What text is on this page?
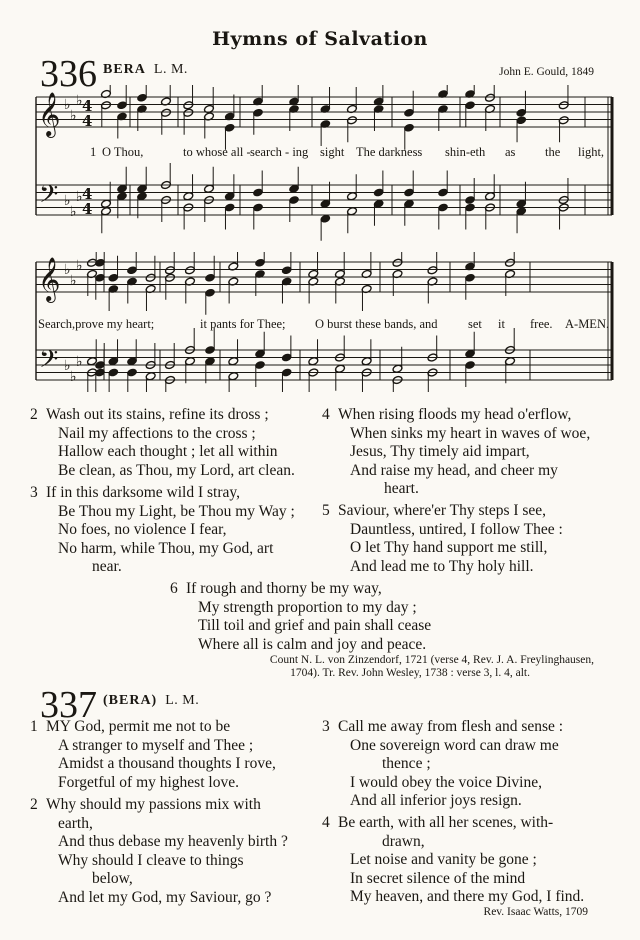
Hymns of Salvation
336 BERA L. M.	John E. Gould, 1849
𝄞
𝄢
♭
♭
♭
♭
♭
♭
4
4
4
4
1 O Thou,	to whose all - search - ing sight The darkness shin-eth as the light,
𝄞
𝄢
♭
♭
♭
♭
♭
♭
Search,prove my heart;	it pants for Thee; O burst these bands, and set it free. A-MEN.
2 Wash out its stains, refine its dross ;
Nail my affections to the cross ;
Hallow each thought ; let all within
Be clean, as Thou, my Lord, art clean.
3 If in this darksome wild I stray,
Be Thou my Light, be Thou my Way ;
No foes, no violence I fear,
No harm, while Thou, my God, art
near.
4 When rising floods my head o'erflow,
When sinks my heart in waves of woe,
Jesus, Thy timely aid impart,
And raise my head, and cheer my
heart.
5 Saviour, where'er Thy steps I see,
Dauntless, untired, I follow Thee :
O let Thy hand support me still,
And lead me to Thy holy hill.
6 If rough and thorny be my way,
My strength proportion to my day ;
Till toil and grief and pain shall cease
Where all is calm and joy and peace.
Count N. L. von Zinzendorf, 1721 (verse 4, Rev. J. A. Freylinghausen,
1704). Tr. Rev. John Wesley, 1738 : verse 3, l. 4, alt.
337 (BERA) L. M.
1 MY God, permit me not to be
A stranger to myself and Thee ;
Amidst a thousand thoughts I rove,
Forgetful of my highest love.
2 Why should my passions mix with
earth,
And thus debase my heavenly birth ?
Why should I cleave to things
below,
And let my God, my Saviour, go ?
3 Call me away from flesh and sense :
One sovereign word can draw me
thence ;
I would obey the voice Divine,
And all inferior joys resign.
4 Be earth, with all her scenes, with-
drawn,
Let noise and vanity be gone ;
In secret silence of the mind
My heaven, and there my God, I find.
Rev. Isaac Watts, 1709
